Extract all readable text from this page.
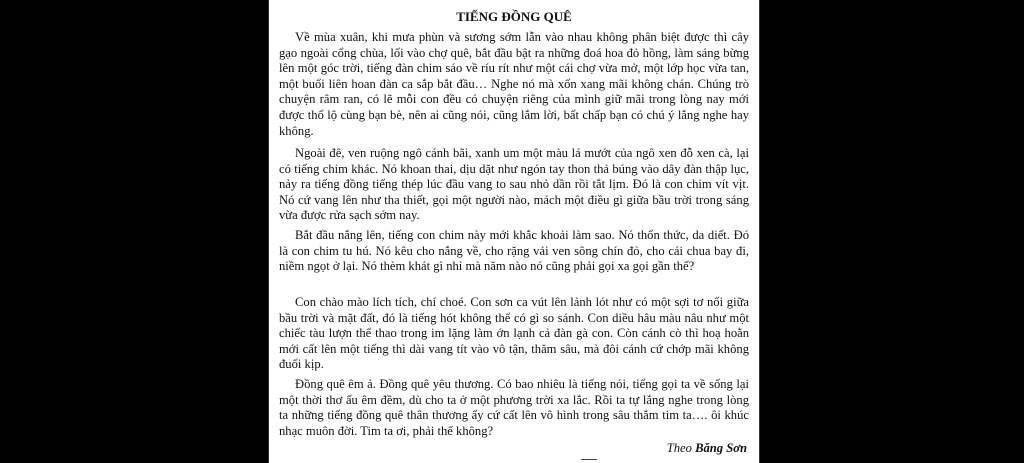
TIẾNG ĐỒNG QUÊ

Về mùa xuân, khi mưa phùn và sương sớm lẫn vào nhau không phân biệt được thì cây gạo ngoài cổng chùa, lối vào chợ quê, bắt đầu bật ra những đoá hoa đỏ hồng, làm sáng bừng lên một góc trời, tiếng đàn chim sáo về ríu rít như một cái chợ vừa mở, một lớp học vừa tan, một buổi liên hoan đàn ca sắp bắt đầu… Nghe nó mà xốn xang mãi không chán. Chúng trò chuyện râm ran, có lẽ mỗi con đều có chuyện riêng của mình giữ mãi trong lòng nay mới được thổ lộ cùng bạn bè, nên ai cũng nói, cũng lắm lời, bất chấp bạn có chú ý lắng nghe hay không.

Ngoài đê, ven ruộng ngô cánh bãi, xanh um một màu lá mướt của ngô xen đỗ xen cà, lại có tiếng chim khác. Nó khoan thai, dịu dặt như ngón tay thon thả búng vào dây đàn thập lục, nảy ra tiếng đồng tiếng thép lúc đầu vang to sau nhỏ dần rồi tắt lịm. Đó là con chim vít vịt. Nó cứ vang lên như tha thiết, gọi một người nào, mách một điều gì giữa bầu trời trong sáng vừa được rửa sạch sớm nay.

Bắt đầu nắng lên, tiếng con chim này mới khắc khoải làm sao. Nó thổn thức, da diết. Đó là con chim tu hú. Nó kêu cho nắng về, cho rặng vải ven sông chín đỏ, cho cái chua bay đi, niềm ngọt ở lại. Nó thèm khát gì nhỉ mà năm nào nó cũng phải gọi xa gọi gần thế?

Con chào mào lích tích, chí choé. Con sơn ca vút lên lảnh lót như có một sợi tơ nối giữa bầu trời và mặt đất, đó là tiếng hót không thể có gì so sánh. Con diều hâu màu nâu như một chiếc tàu lượn thể thao trong im lặng làm ớn lạnh cả đàn gà con. Còn cánh cò thì hoạ hoằn mới cất lên một tiếng thì dài vang tít vào vô tận, thăm sâu, mà đôi cánh cứ chớp mãi không đuổi kịp.

Đồng quê êm ả. Đồng quê yêu thương. Có bao nhiêu là tiếng nói, tiếng gọi ta về sống lại một thời thơ ấu êm đềm, dù cho ta ở một phương trời xa lắc. Rồi ta tự lắng nghe trong lòng ta những tiếng đồng quê thân thương ấy cứ cất lên vô hình trong sâu thẳm tim ta…. ôi khúc nhạc muôn đời. Tim ta ơi, phải thế không?

Theo Băng Sơn
